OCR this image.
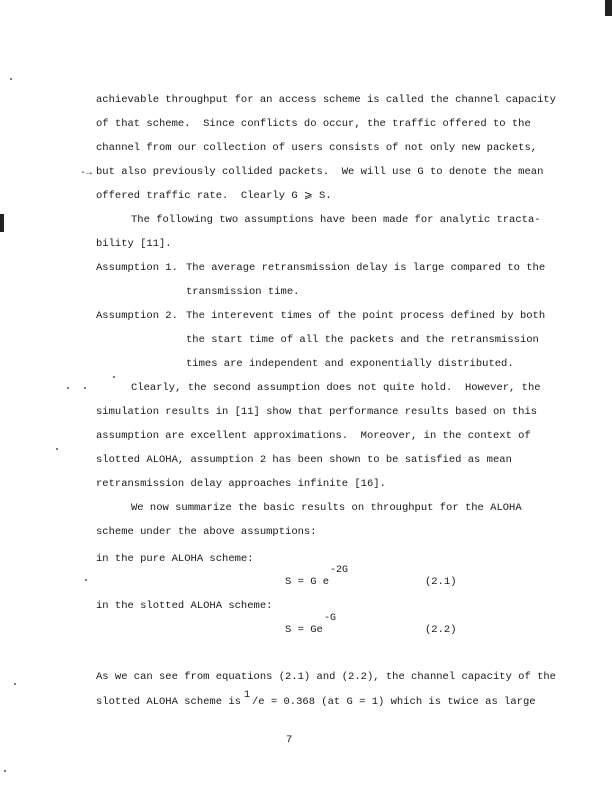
-→
achievable throughput for an access scheme is called the channel capacity
of that scheme.  Since conflicts do occur, the traffic offered to the
channel from our collection of users consists of not only new packets,
but also previously collided packets.  We will use G to denote the mean
offered traffic rate.  Clearly G ⩾ S.
The following two assumptions have been made for analytic tracta-
bility [11].
Assumption 1. The average retransmission delay is large compared to the
transmission time.
Assumption 2. The interevent times of the point process defined by both
the start time of all the packets and the retransmission
times are independent and exponentially distributed.
Clearly, the second assumption does not quite hold.  However, the
simulation results in [11] show that performance results based on this
assumption are excellent approximations.  Moreover, in the context of
slotted ALOHA, assumption 2 has been shown to be satisfied as mean
retransmission delay approaches infinite [16].
We now summarize the basic results on throughput for the ALOHA
scheme under the above assumptions:
in the pure ALOHA scheme:
S = G e
-2G
(2.1)
in the slotted ALOHA scheme:
S = Ge
-G
(2.2)
As we can see from equations (2.1) and (2.2), the channel capacity of the
slotted ALOHA scheme is
1
/e = 0.368 (at G = 1) which is twice as large
7
